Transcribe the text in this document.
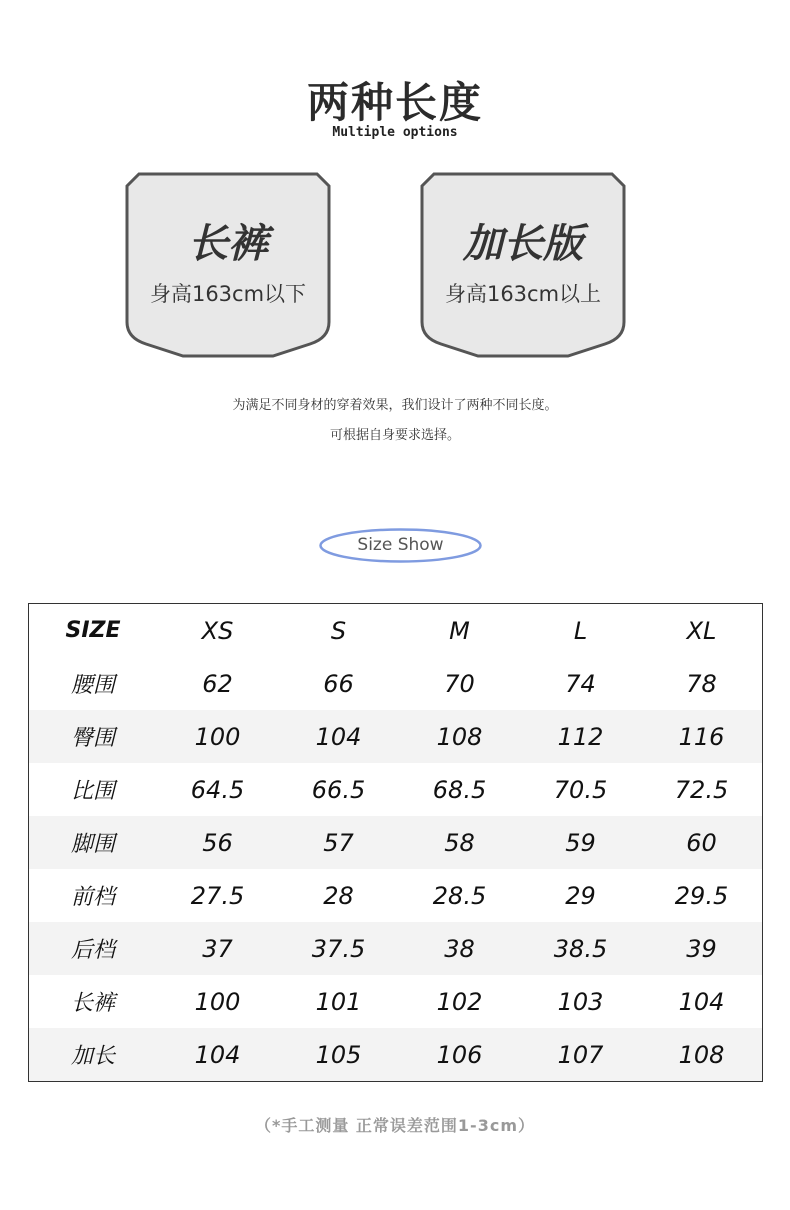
两种长度
Multiple options
长裤
身高163cm以下
加长版
身高163cm以上
为满足不同身材的穿着效果，我们设计了两种不同长度。
可根据自身要求选择。
Size Show
SIZE	XS	S	M	L	XL
腰围	62	66	70	74	78
臀围	100	104	108	112	116
比围	64.5	66.5	68.5	70.5	72.5
脚围	56	57	58	59	60
前档	27.5	28	28.5	29	29.5
后档	37	37.5	38	38.5	39
长裤	100	101	102	103	104
加长	104	105	106	107	108
（*手工测量 正常误差范围1-3cm）
